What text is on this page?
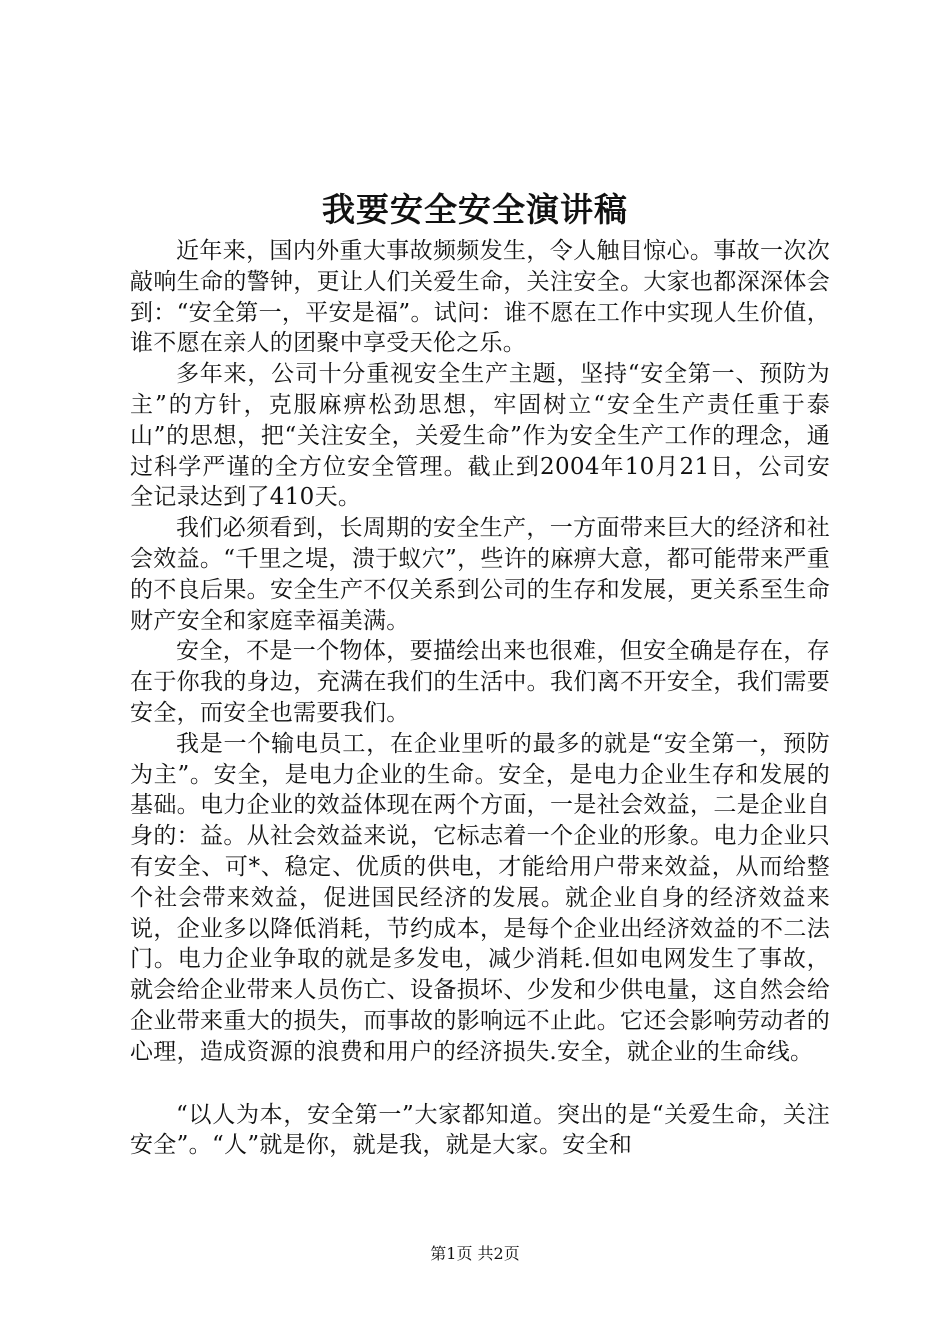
我要安全安全演讲稿

近年来，国内外重大事故频频发生，令人触目惊心。事故一次次敲响生命的警钟，更让人们关爱生命，关注安全。大家也都深深体会到：“安全第一，平安是福”。试问：谁不愿在工作中实现人生价值，谁不愿在亲人的团聚中享受天伦之乐。

多年来，公司十分重视安全生产主题，坚持“安全第一、预防为主”的方针，克服麻痹松劲思想，牢固树立“安全生产责任重于泰山”的思想，把“关注安全，关爱生命”作为安全生产工作的理念，通过科学严谨的全方位安全管理。截止到2004年10月21日，公司安全记录达到了410天。

我们必须看到，长周期的安全生产，一方面带来巨大的经济和社会效益。“千里之堤，溃于蚁穴”，些许的麻痹大意，都可能带来严重的不良后果。安全生产不仅关系到公司的生存和发展，更关系至生命财产安全和家庭幸福美满。

安全，不是一个物体，要描绘出来也很难，但安全确是存在，存在于你我的身边，充满在我们的生活中。我们离不开安全，我们需要安全，而安全也需要我们。

我是一个输电员工，在企业里听的最多的就是“安全第一，预防为主”。安全，是电力企业的生命。安全，是电力企业生存和发展的基础。电力企业的效益体现在两个方面，一是社会效益，二是企业自身的：益。从社会效益来说，它标志着一个企业的形象。电力企业只有安全、可*、稳定、优质的供电，才能给用户带来效益，从而给整个社会带来效益，促进国民经济的发展。就企业自身的经济效益来说，企业多以降低消耗，节约成本，是每个企业出经济效益的不二法门。电力企业争取的就是多发电，减少消耗.但如电网发生了事故，就会给企业带来人员伤亡、设备损坏、少发和少供电量，这自然会给企业带来重大的损失，而事故的影响远不止此。它还会影响劳动者的心理，造成资源的浪费和用户的经济损失.安全，就企业的生命线。

“以人为本，安全第一”大家都知道。突出的是“关爱生命，关注安全”。“人”就是你，就是我，就是大家。安全和

第1页 共2页
